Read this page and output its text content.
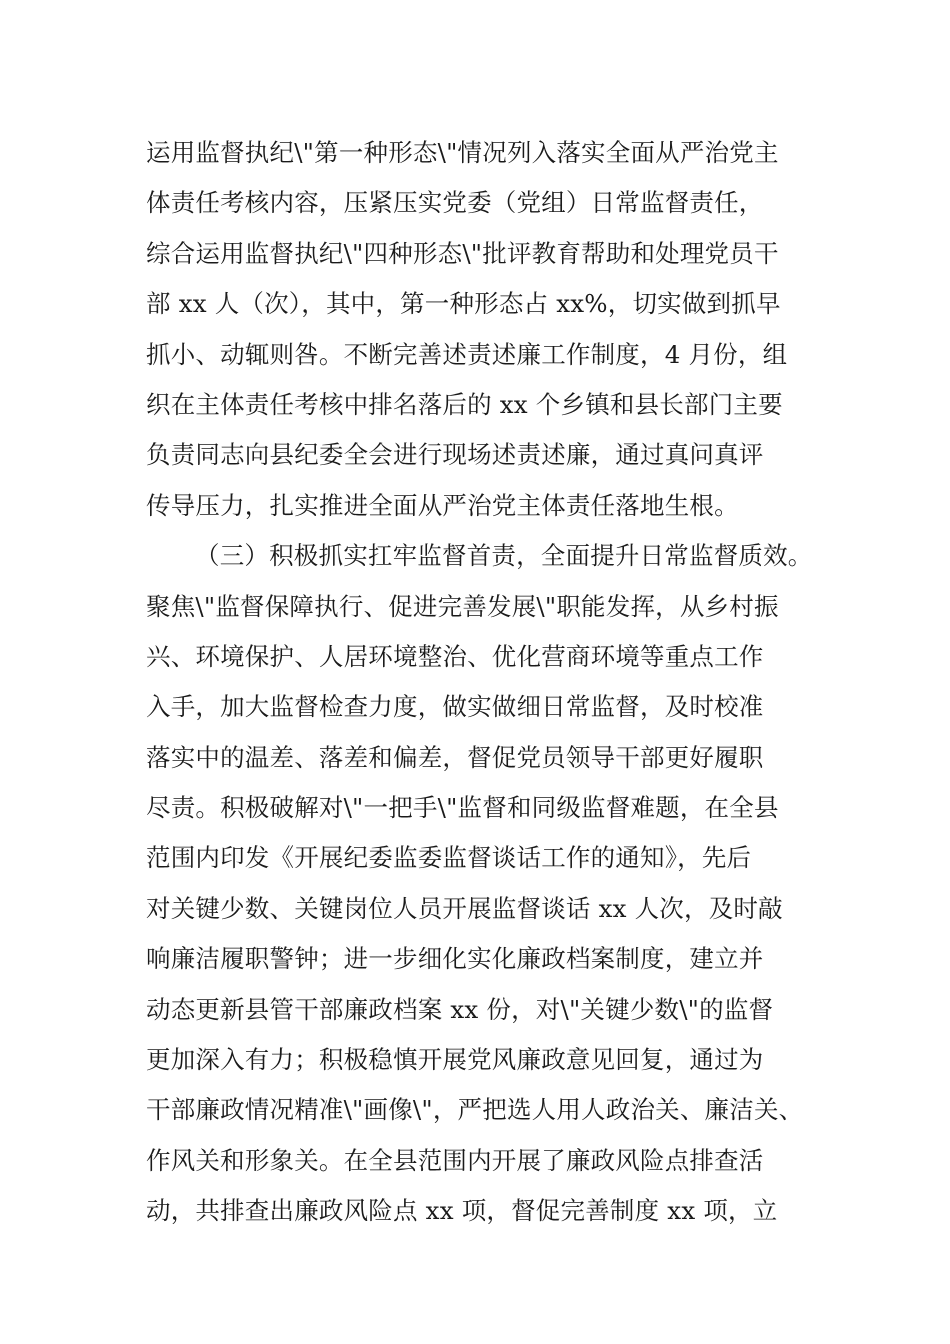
运用监督执纪\"第一种形态\"情况列入落实全面从严治党主
体责任考核内容，压紧压实党委（党组）日常监督责任，
综合运用监督执纪\"四种形态\"批评教育帮助和处理党员干
部 xx 人（次），其中，第一种形态占 xx%，切实做到抓早
抓小、动辄则咎。不断完善述责述廉工作制度，4 月份，组
织在主体责任考核中排名落后的 xx 个乡镇和县长部门主要
负责同志向县纪委全会进行现场述责述廉，通过真问真评
传导压力，扎实推进全面从严治党主体责任落地生根。
（三）积极抓实扛牢监督首责，全面提升日常监督质效。
聚焦\"监督保障执行、促进完善发展\"职能发挥，从乡村振
兴、环境保护、人居环境整治、优化营商环境等重点工作
入手，加大监督检查力度，做实做细日常监督，及时校准
落实中的温差、落差和偏差，督促党员领导干部更好履职
尽责。积极破解对\"一把手\"监督和同级监督难题，在全县
范围内印发《开展纪委监委监督谈话工作的通知》，先后
对关键少数、关键岗位人员开展监督谈话 xx 人次，及时敲
响廉洁履职警钟；进一步细化实化廉政档案制度，建立并
动态更新县管干部廉政档案 xx 份，对\"关键少数\"的监督
更加深入有力；积极稳慎开展党风廉政意见回复，通过为
干部廉政情况精准\"画像\"，严把选人用人政治关、廉洁关、
作风关和形象关。在全县范围内开展了廉政风险点排查活
动，共排查出廉政风险点 xx 项，督促完善制度 xx 项，立
